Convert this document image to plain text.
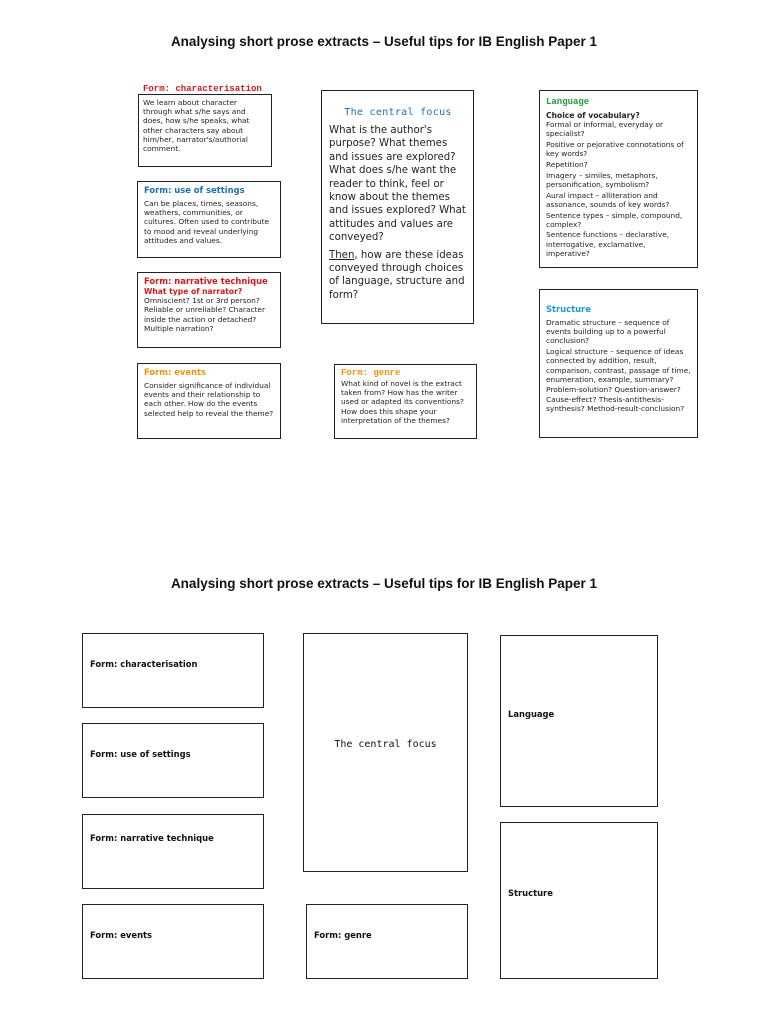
Analysing short prose extracts – Useful tips for IB English Paper 1
Form: characterisation
We learn about character through what s/he says and does, how s/he speaks, what other characters say about him/her, narrator's/authorial comment.
Form: use of settings
Can be places, times, seasons, weathers, communities, or cultures. Often used to contribute to mood and reveal underlying attitudes and values.
Form: narrative technique
What type of narrator?
Omniscient? 1st or 3rd person? Reliable or unreliable? Character inside the action or detached? Multiple narration?
Form: events
Consider significance of individual events and their relationship to each other. How do the events selected help to reveal the theme?
The central focus
What is the author's purpose? What themes and issues are explored? What does s/he want the reader to think, feel or know about the themes and issues explored? What attitudes and values are conveyed?
Then, how are these ideas conveyed through choices of language, structure and form?
Form: genre
What kind of novel is the extract taken from? How has the writer used or adapted its conventions? How does this shape your interpretation of the themes?
Language
Choice of vocabulary?
Formal or informal, everyday or specialist?
Positive or pejorative connotations of key words?
Repetition?
Imagery – similes, metaphors, personification, symbolism?
Aural impact – alliteration and assonance, sounds of key words?
Sentence types – simple, compound, complex?
Sentence functions – declarative, interrogative, exclamative, imperative?
Structure
Dramatic structure – sequence of events building up to a powerful conclusion?
Logical structure – sequence of ideas connected by addition, result, comparison, contrast, passage of time, enumeration, example, summary?
Problem-solution? Question-answer? Cause-effect? Thesis-antithesis-synthesis? Method-result-conclusion?
Analysing short prose extracts – Useful tips for IB English Paper 1
Form: characterisation
Form: use of settings
Form: narrative technique
Form: events
The central focus
Form: genre
Language
Structure
